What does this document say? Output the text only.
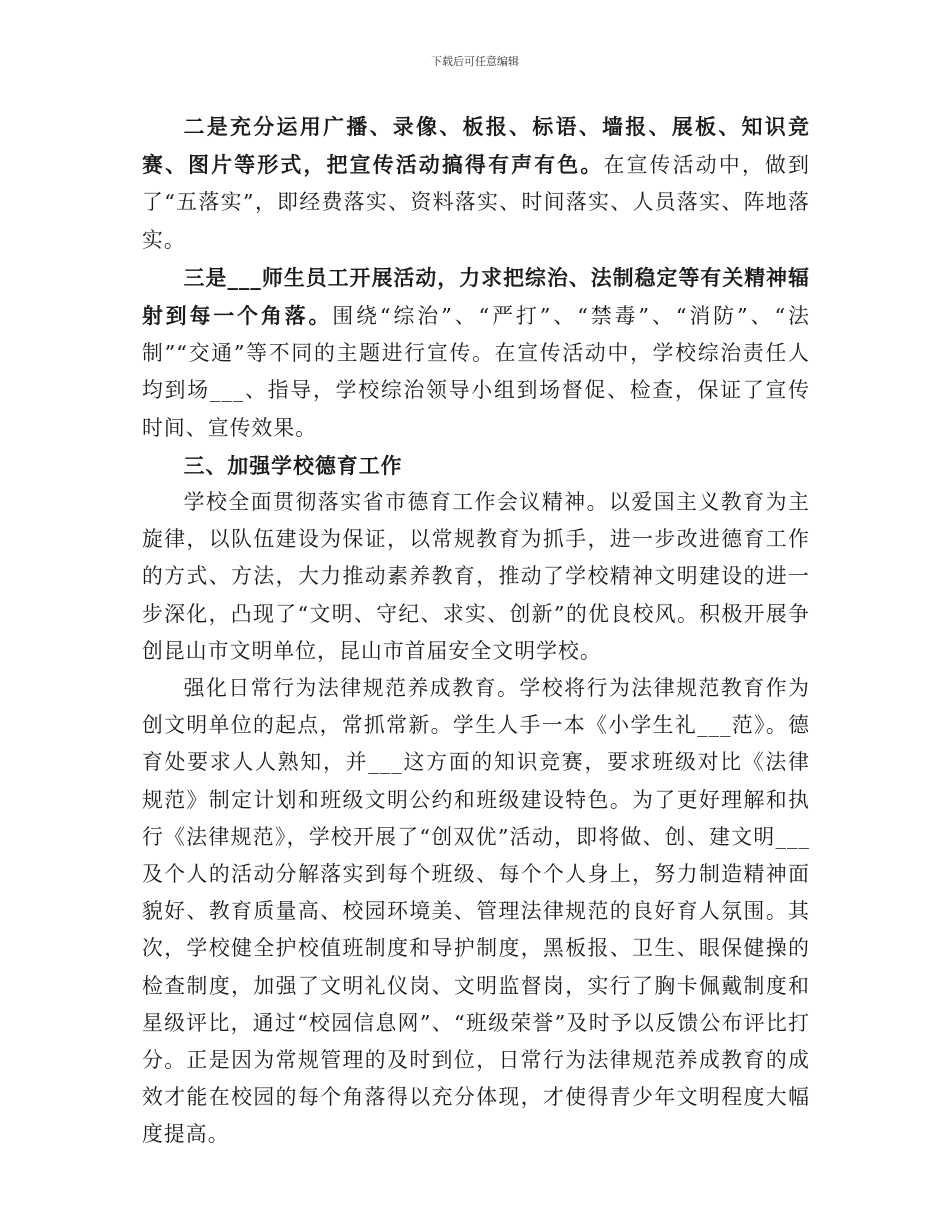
下载后可任意编辑

二是充分运用广播、录像、板报、标语、墙报、展板、知识竞赛、图片等形式，把宣传活动搞得有声有色。在宣传活动中，做到了“五落实”，即经费落实、资料落实、时间落实、人员落实、阵地落实。

三是___师生员工开展活动，力求把综治、法制稳定等有关精神辐射到每一个角落。围绕“综治”、“严打”、“禁毒”、“消防”、“法制”“交通”等不同的主题进行宣传。在宣传活动中，学校综治责任人均到场___、指导，学校综治领导小组到场督促、检查，保证了宣传时间、宣传效果。

三、加强学校德育工作

学校全面贯彻落实省市德育工作会议精神。以爱国主义教育为主旋律，以队伍建设为保证，以常规教育为抓手，进一步改进德育工作的方式、方法，大力推动素养教育，推动了学校精神文明建设的进一步深化，凸现了“文明、守纪、求实、创新”的优良校风。积极开展争创昆山市文明单位，昆山市首届安全文明学校。

强化日常行为法律规范养成教育。学校将行为法律规范教育作为创文明单位的起点，常抓常新。学生人手一本《小学生礼___范》。德育处要求人人熟知，并___这方面的知识竞赛，要求班级对比《法律规范》制定计划和班级文明公约和班级建设特色。为了更好理解和执行《法律规范》，学校开展了“创双优”活动，即将做、创、建文明___及个人的活动分解落实到每个班级、每个个人身上，努力制造精神面貌好、教育质量高、校园环境美、管理法律规范的良好育人氛围。其次，学校健全护校值班制度和导护制度，黑板报、卫生、眼保健操的检查制度，加强了文明礼仪岗、文明监督岗，实行了胸卡佩戴制度和星级评比，通过“校园信息网”、“班级荣誉”及时予以反馈公布评比打分。正是因为常规管理的及时到位，日常行为法律规范养成教育的成效才能在校园的每个角落得以充分体现，才使得青少年文明程度大幅度提高。
